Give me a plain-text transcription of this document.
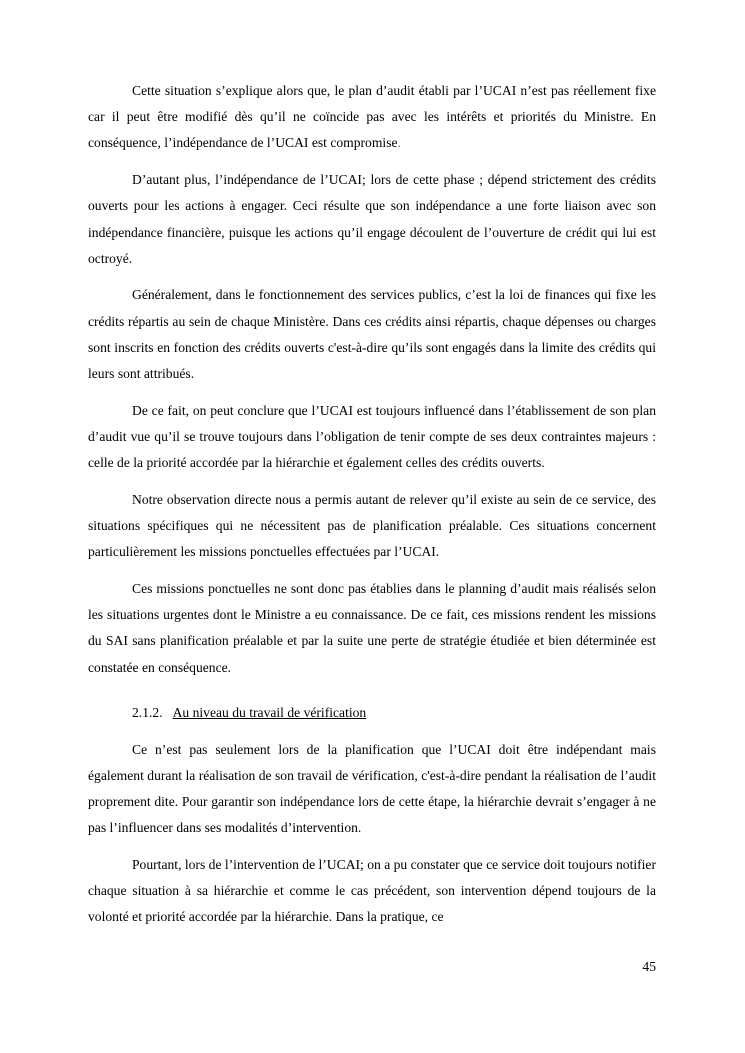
Cette situation s’explique alors que, le plan d’audit établi par l’UCAI n’est pas réellement fixe car il peut être modifié dès qu’il ne coïncide pas avec les intérêts et priorités du Ministre. En conséquence, l’indépendance de l’UCAI est compromise.

D’autant plus, l’indépendance de l’UCAI; lors de cette phase ; dépend strictement des crédits ouverts pour les actions à engager. Ceci résulte que son indépendance a une forte liaison avec son indépendance financière, puisque les actions qu’il engage découlent de l’ouverture de crédit qui lui est octroyé.

Généralement, dans le fonctionnement des services publics, c’est la loi de finances qui fixe les crédits répartis au sein de chaque Ministère. Dans ces crédits ainsi répartis, chaque dépenses ou charges sont inscrits en fonction des crédits ouverts c'est-à-dire qu’ils sont engagés dans la limite des crédits qui leurs sont attribués.

De ce fait, on peut conclure que l’UCAI est toujours influencé dans l’établissement de son plan d’audit vue qu’il se trouve toujours dans l’obligation de tenir compte de ses deux contraintes majeurs : celle de la priorité accordée par la hiérarchie et également celles des crédits ouverts.

Notre observation directe nous a permis autant de relever qu’il existe au sein de ce service, des situations spécifiques qui ne nécessitent pas de planification préalable. Ces situations concernent particulièrement les missions ponctuelles effectuées par l’UCAI.

Ces missions ponctuelles ne sont donc pas établies dans le planning d’audit mais réalisés selon les situations urgentes dont le Ministre a eu connaissance. De ce fait, ces missions rendent les missions du SAI sans planification préalable et par la suite une perte de stratégie étudiée et bien déterminée est constatée en conséquence.

2.1.2. Au niveau du travail de vérification

Ce n’est pas seulement lors de la planification que l’UCAI doit être indépendant mais également durant la réalisation de son travail de vérification, c'est-à-dire pendant la réalisation de l’audit proprement dite. Pour garantir son indépendance lors de cette étape, la hiérarchie devrait s’engager à ne pas l’influencer dans ses modalités d’intervention.

Pourtant, lors de l’intervention de l’UCAI; on a pu constater que ce service doit toujours notifier chaque situation à sa hiérarchie et comme le cas précédent, son intervention dépend toujours de la volonté et priorité accordée par la hiérarchie. Dans la pratique, ce

45
